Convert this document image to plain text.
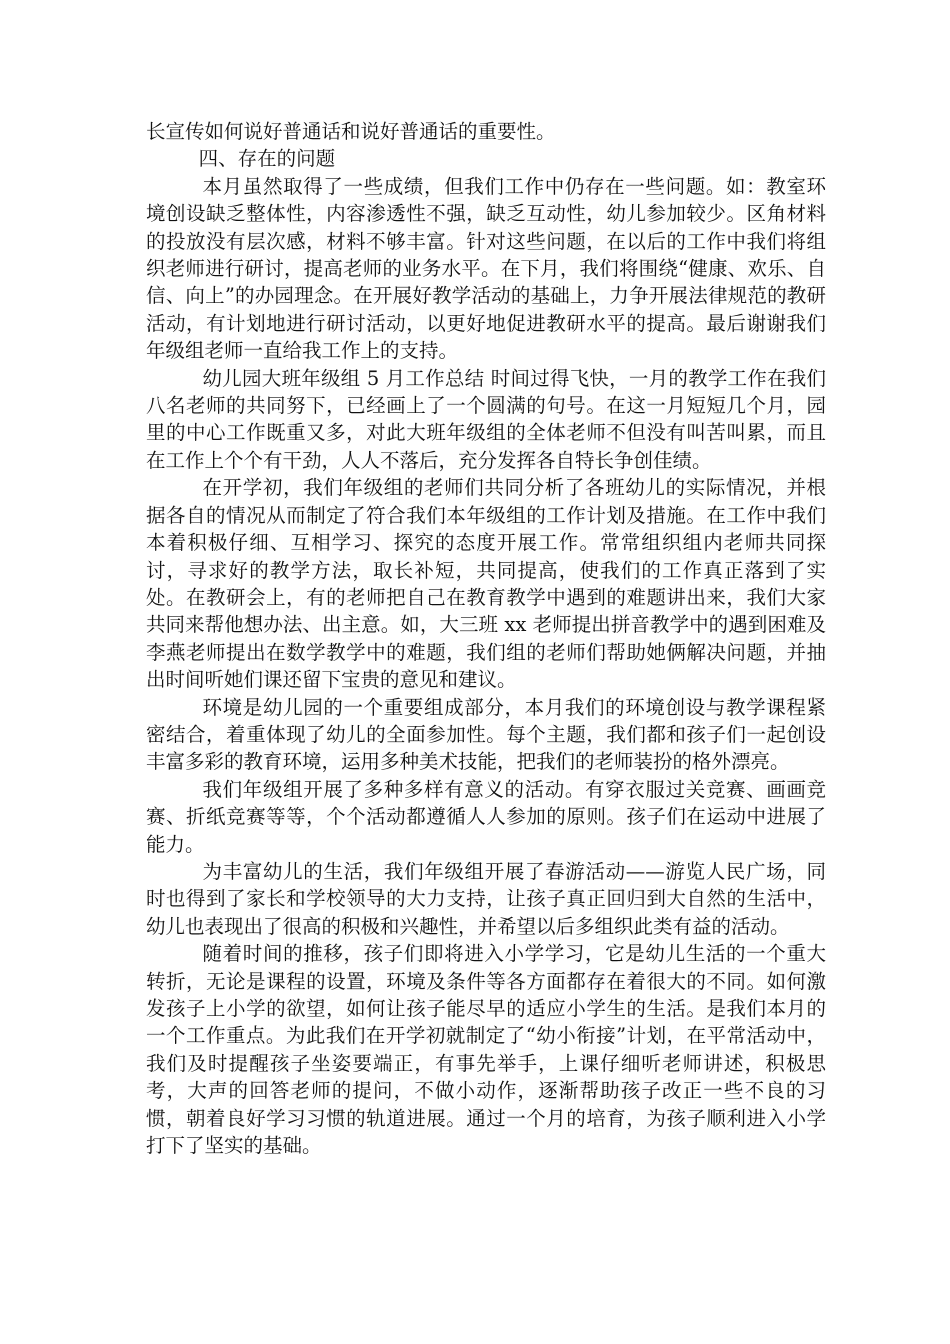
长宣传如何说好普通话和说好普通话的重要性。

四、存在的问题

本月虽然取得了一些成绩，但我们工作中仍存在一些问题。如：教室环境创设缺乏整体性，内容渗透性不强，缺乏互动性，幼儿参加较少。区角材料的投放没有层次感，材料不够丰富。针对这些问题，在以后的工作中我们将组织老师进行研讨，提高老师的业务水平。在下月，我们将围绕“健康、欢乐、自信、向上”的办园理念。在开展好教学活动的基础上，力争开展法律规范的教研活动，有计划地进行研讨活动，以更好地促进教研水平的提高。最后谢谢我们年级组老师一直给我工作上的支持。

幼儿园大班年级组 5 月工作总结 时间过得飞快，一月的教学工作在我们八名老师的共同努下，已经画上了一个圆满的句号。在这一月短短几个月，园里的中心工作既重又多，对此大班年级组的全体老师不但没有叫苦叫累，而且在工作上个个有干劲，人人不落后，充分发挥各自特长争创佳绩。

在开学初，我们年级组的老师们共同分析了各班幼儿的实际情况，并根据各自的情况从而制定了符合我们本年级组的工作计划及措施。在工作中我们本着积极仔细、互相学习、探究的态度开展工作。常常组织组内老师共同探讨，寻求好的教学方法，取长补短，共同提高，使我们的工作真正落到了实处。在教研会上，有的老师把自己在教育教学中遇到的难题讲出来，我们大家共同来帮他想办法、出主意。如，大三班 xx 老师提出拼音教学中的遇到困难及李燕老师提出在数学教学中的难题，我们组的老师们帮助她俩解决问题，并抽出时间听她们课还留下宝贵的意见和建议。

环境是幼儿园的一个重要组成部分，本月我们的环境创设与教学课程紧密结合，着重体现了幼儿的全面参加性。每个主题，我们都和孩子们一起创设丰富多彩的教育环境，运用多种美术技能，把我们的老师装扮的格外漂亮。

我们年级组开展了多种多样有意义的活动。有穿衣服过关竞赛、画画竞赛、折纸竞赛等等，个个活动都遵循人人参加的原则。孩子们在运动中进展了能力。

为丰富幼儿的生活，我们年级组开展了春游活动——游览人民广场，同时也得到了家长和学校领导的大力支持，让孩子真正回归到大自然的生活中，幼儿也表现出了很高的积极和兴趣性，并希望以后多组织此类有益的活动。

随着时间的推移，孩子们即将进入小学学习，它是幼儿生活的一个重大转折，无论是课程的设置，环境及条件等各方面都存在着很大的不同。如何激发孩子上小学的欲望，如何让孩子能尽早的适应小学生的生活。是我们本月的一个工作重点。为此我们在开学初就制定了“幼小衔接”计划，在平常活动中，我们及时提醒孩子坐姿要端正，有事先举手，上课仔细听老师讲述，积极思考，大声的回答老师的提问，不做小动作，逐渐帮助孩子改正一些不良的习惯，朝着良好学习习惯的轨道进展。通过一个月的培育，为孩子顺利进入小学打下了坚实的基础。
